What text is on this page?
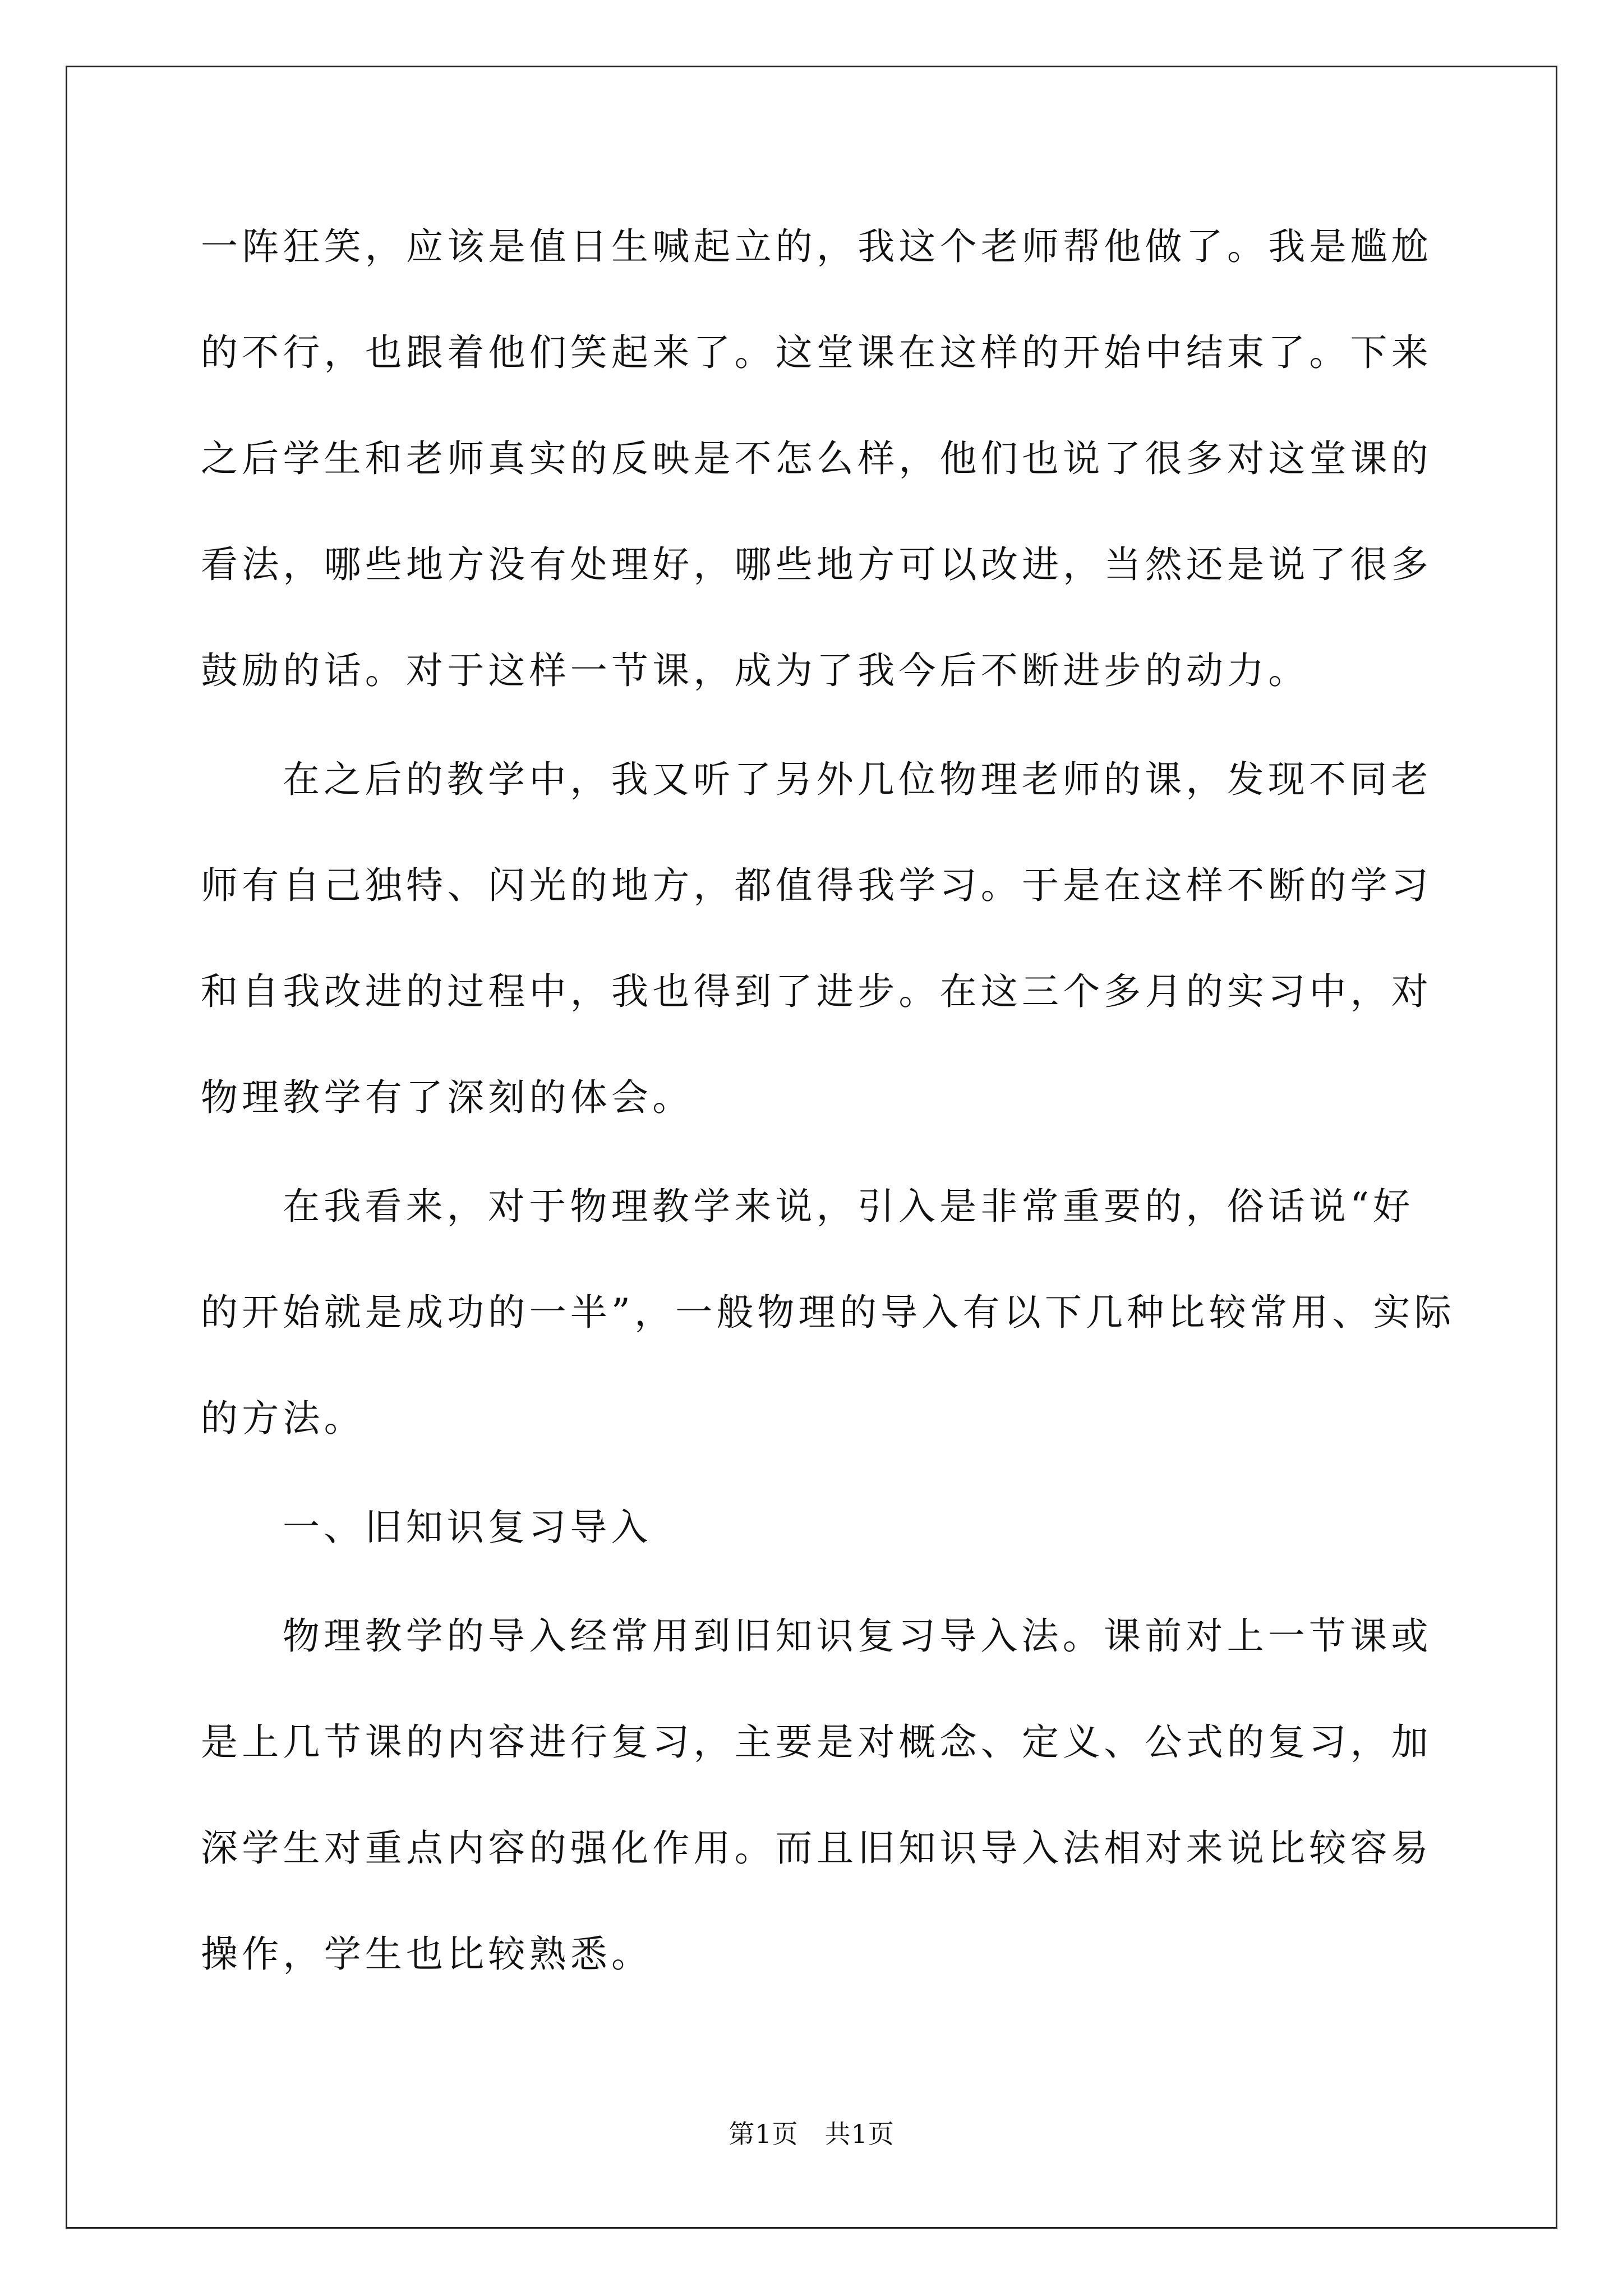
一阵狂笑，应该是值日生喊起立的，我这个老师帮他做了。我是尴尬
的不行，也跟着他们笑起来了。这堂课在这样的开始中结束了。下来
之后学生和老师真实的反映是不怎么样，他们也说了很多对这堂课的
看法，哪些地方没有处理好，哪些地方可以改进，当然还是说了很多
鼓励的话。对于这样一节课，成为了我今后不断进步的动力。
在之后的教学中，我又听了另外几位物理老师的课，发现不同老
师有自己独特、闪光的地方，都值得我学习。于是在这样不断的学习
和自我改进的过程中，我也得到了进步。在这三个多月的实习中，对
物理教学有了深刻的体会。
在我看来，对于物理教学来说，引入是非常重要的，俗话说“好
的开始就是成功的一半”，一般物理的导入有以下几种比较常用、实际
的方法。
一、旧知识复习导入
物理教学的导入经常用到旧知识复习导入法。课前对上一节课或
是上几节课的内容进行复习，主要是对概念、定义、公式的复习，加
深学生对重点内容的强化作用。而且旧知识导入法相对来说比较容易
操作，学生也比较熟悉。
第1页　共1页
